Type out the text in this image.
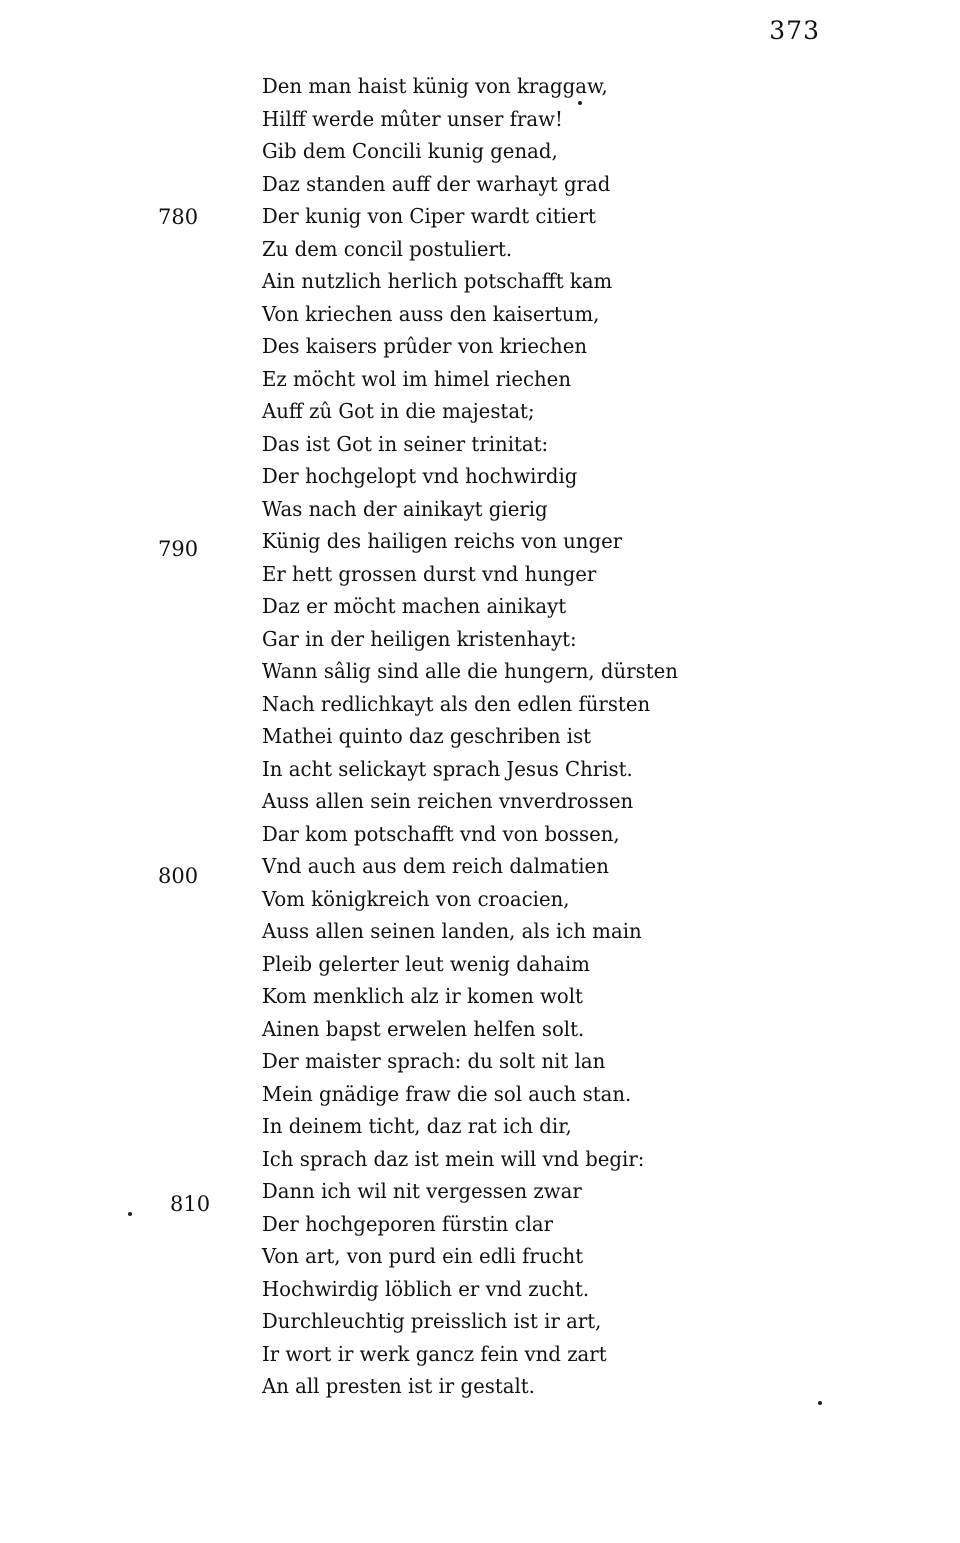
373
780
790
800
810
Den man haist künig von kraggaw,
Hilff werde mûter unser fraw!
Gib dem Concili kunig genad,
Daz standen auff der warhayt grad
Der kunig von Ciper wardt citiert
Zu dem concil postuliert.
Ain nutzlich herlich potschafft kam
Von kriechen auss den kaisertum,
Des kaisers prûder von kriechen
Ez möcht wol im himel riechen
Auff zû Got in die majestat;
Das ist Got in seiner trinitat:
Der hochgelopt vnd hochwirdig
Was nach der ainikayt gierig
Künig des hailigen reichs von unger
Er hett grossen durst vnd hunger
Daz er möcht machen ainikayt
Gar in der heiligen kristenhayt:
Wann sâlig sind alle die hungern, dürsten
Nach redlichkayt als den edlen fürsten
Mathei quinto daz geschriben ist
In acht selickayt sprach Jesus Christ.
Auss allen sein reichen vnverdrossen
Dar kom potschafft vnd von bossen,
Vnd auch aus dem reich dalmatien
Vom königkreich von croacien,
Auss allen seinen landen, als ich main
Pleib gelerter leut wenig dahaim
Kom menklich alz ir komen wolt
Ainen bapst erwelen helfen solt.
Der maister sprach: du solt nit lan
Mein gnädige fraw die sol auch stan.
In deinem ticht, daz rat ich dir,
Ich sprach daz ist mein will vnd begir:
Dann ich wil nit vergessen zwar
Der hochgeporen fürstin clar
Von art, von purd ein edli frucht
Hochwirdig löblich er vnd zucht.
Durchleuchtig preisslich ist ir art,
Ir wort ir werk gancz fein vnd zart
An all presten ist ir gestalt.
